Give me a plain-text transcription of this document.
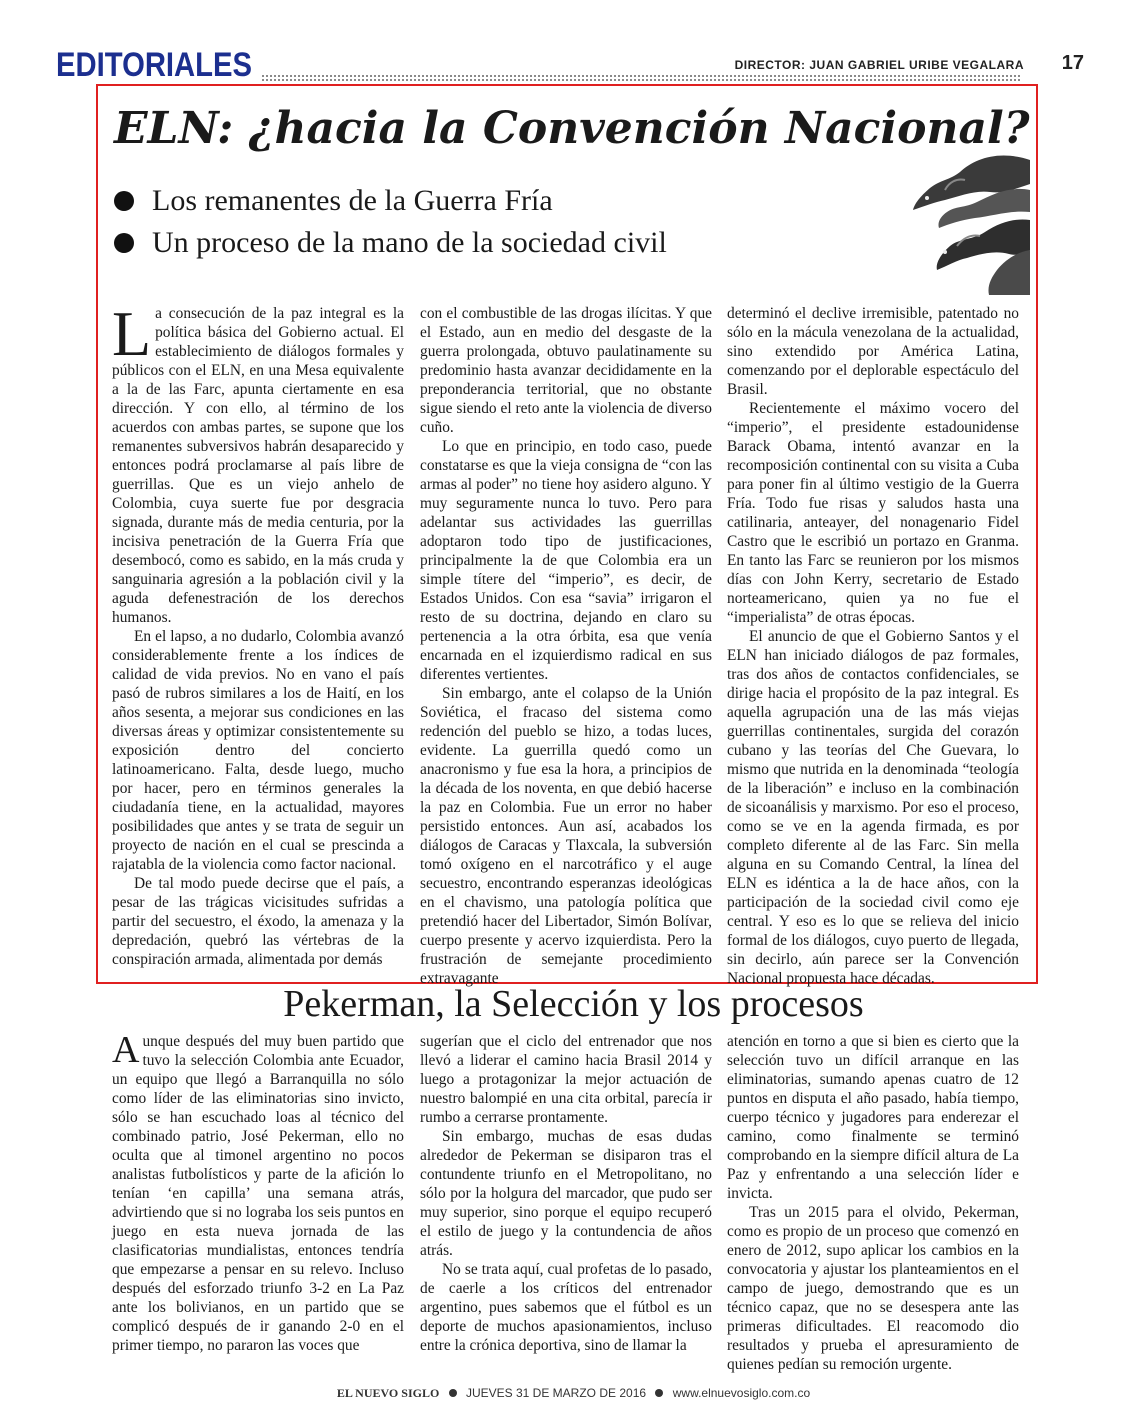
EDITORIALES	DIRECTOR: JUAN GABRIEL URIBE VEGALARA 17
ELN: ¿hacia la Convención Nacional?
Los remanentes de la Guerra Fría
Un proceso de la mano de la sociedad civil

La consecución de la paz integral es la política básica del Gobierno actual. El establecimiento de diálogos formales y públicos con el ELN, en una Mesa equivalente a la de las Farc, apunta ciertamente en esa dirección. Y con ello, al término de los acuerdos con ambas partes, se supone que los remanentes subversivos habrán desaparecido y entonces podrá proclamarse al país libre de guerrillas. Que es un viejo anhelo de Colombia, cuya suerte fue por desgracia signada, durante más de media centuria, por la incisiva penetración de la Guerra Fría que desembocó, como es sabido, en la más cruda y sanguinaria agresión a la población civil y la aguda defenestración de los derechos humanos.

En el lapso, a no dudarlo, Colombia avanzó considerablemente frente a los índices de calidad de vida previos. No en vano el país pasó de rubros similares a los de Haití, en los años sesenta, a mejorar sus condiciones en las diversas áreas y optimizar consistentemente su exposición dentro del concierto latinoamericano. Falta, desde luego, mucho por hacer, pero en términos generales la ciudadanía tiene, en la actualidad, mayores posibilidades que antes y se trata de seguir un proyecto de nación en el cual se prescinda a rajatabla de la violencia como factor nacional.

De tal modo puede decirse que el país, a pesar de las trágicas vicisitudes sufridas a partir del secuestro, el éxodo, la amenaza y la depredación, quebró las vértebras de la conspiración armada, alimentada por demás

con el combustible de las drogas ilícitas. Y que el Estado, aun en medio del desgaste de la guerra prolongada, obtuvo paulatinamente su predominio hasta avanzar decididamente en la preponderancia territorial, que no obstante sigue siendo el reto ante la violencia de diverso cuño.

Lo que en principio, en todo caso, puede constatarse es que la vieja consigna de “con las armas al poder” no tiene hoy asidero alguno. Y muy seguramente nunca lo tuvo. Pero para adelantar sus actividades las guerrillas adoptaron todo tipo de justificaciones, principalmente la de que Colombia era un simple títere del “imperio”, es decir, de Estados Unidos. Con esa “savia” irrigaron el resto de su doctrina, dejando en claro su pertenencia a la otra órbita, esa que venía encarnada en el izquierdismo radical en sus diferentes vertientes.

Sin embargo, ante el colapso de la Unión Soviética, el fracaso del sistema como redención del pueblo se hizo, a todas luces, evidente. La guerrilla quedó como un anacronismo y fue esa la hora, a principios de la década de los noventa, en que debió hacerse la paz en Colombia. Fue un error no haber persistido entonces. Aun así, acabados los diálogos de Caracas y Tlaxcala, la subversión tomó oxígeno en el narcotráfico y el auge secuestro, encontrando esperanzas ideológicas en el chavismo, una patología política que pretendió hacer del Libertador, Simón Bolívar, cuerpo presente y acervo izquierdista. Pero la frustración de semejante procedimiento extravagante

determinó el declive irremisible, patentado no sólo en la mácula venezolana de la actualidad, sino extendido por América Latina, comenzando por el deplorable espectáculo del Brasil.

Recientemente el máximo vocero del “imperio”, el presidente estadounidense Barack Obama, intentó avanzar en la recomposición continental con su visita a Cuba para poner fin al último vestigio de la Guerra Fría. Todo fue risas y saludos hasta una catilinaria, anteayer, del nonagenario Fidel Castro que le escribió un portazo en Granma. En tanto las Farc se reunieron por los mismos días con John Kerry, secretario de Estado norteamericano, quien ya no fue el “imperialista” de otras épocas.

El anuncio de que el Gobierno Santos y el ELN han iniciado diálogos de paz formales, tras dos años de contactos confidenciales, se dirige hacia el propósito de la paz integral. Es aquella agrupación una de las más viejas guerrillas continentales, surgida del corazón cubano y las teorías del Che Guevara, lo mismo que nutrida en la denominada “teología de la liberación” e incluso en la combinación de sicoanálisis y marxismo. Por eso el proceso, como se ve en la agenda firmada, es por completo diferente al de las Farc. Sin mella alguna en su Comando Central, la línea del ELN es idéntica a la de hace años, con la participación de la sociedad civil como eje central. Y eso es lo que se relieva del inicio formal de los diálogos, cuyo puerto de llegada, sin decirlo, aún parece ser la Convención Nacional propuesta hace décadas.

Pekerman, la Selección y los procesos

Aunque después del muy buen partido que tuvo la selección Colombia ante Ecuador, un equipo que llegó a Barranquilla no sólo como líder de las eliminatorias sino invicto, sólo se han escuchado loas al técnico del combinado patrio, José Pekerman, ello no oculta que al timonel argentino no pocos analistas futbolísticos y parte de la afición lo tenían ‘en capilla’ una semana atrás, advirtiendo que si no lograba los seis puntos en juego en esta nueva jornada de las clasificatorias mundialistas, entonces tendría que empezarse a pensar en su relevo. Incluso después del esforzado triunfo 3-2 en La Paz ante los bolivianos, en un partido que se complicó después de ir ganando 2-0 en el primer tiempo, no pararon las voces que

sugerían que el ciclo del entrenador que nos llevó a liderar el camino hacia Brasil 2014 y luego a protagonizar la mejor actuación de nuestro balompié en una cita orbital, parecía ir rumbo a cerrarse prontamente.

Sin embargo, muchas de esas dudas alrededor de Pekerman se disiparon tras el contundente triunfo en el Metropolitano, no sólo por la holgura del marcador, que pudo ser muy superior, sino porque el equipo recuperó el estilo de juego y la contundencia de años atrás.

No se trata aquí, cual profetas de lo pasado, de caerle a los críticos del entrenador argentino, pues sabemos que el fútbol es un deporte de muchos apasionamientos, incluso entre la crónica deportiva, sino de llamar la

atención en torno a que si bien es cierto que la selección tuvo un difícil arranque en las eliminatorias, sumando apenas cuatro de 12 puntos en disputa el año pasado, había tiempo, cuerpo técnico y jugadores para enderezar el camino, como finalmente se terminó comprobando en la siempre difícil altura de La Paz y enfrentando a una selección líder e invicta.

Tras un 2015 para el olvido, Pekerman, como es propio de un proceso que comenzó en enero de 2012, supo aplicar los cambios en la convocatoria y ajustar los planteamientos en el campo de juego, demostrando que es un técnico capaz, que no se desespera ante las primeras dificultades. El reacomodo dio resultados y prueba el apresuramiento de quienes pedían su remoción urgente.

EL NUEVO SIGLO JUEVES 31 DE MARZO DE 2016 www.elnuevosiglo.com.co
